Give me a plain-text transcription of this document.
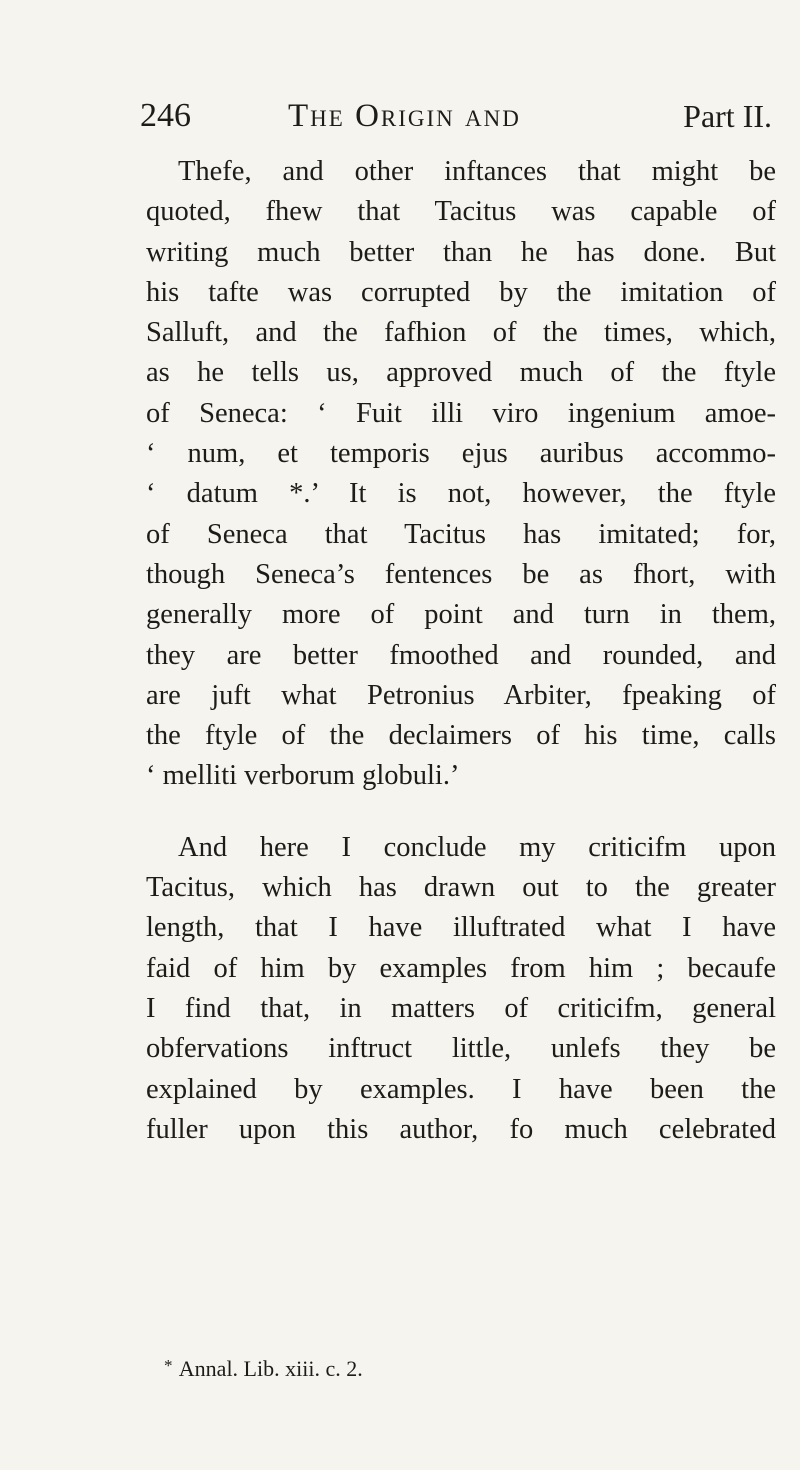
246	The Origin and	Part II.
Thefe, and other inftances that might be
quoted, fhew that Tacitus was capable of
writing much better than he has done. But
his tafte was corrupted by the imitation of
Salluft, and the fafhion of the times, which,
as he tells us, approved much of the ftyle
of Seneca: ‘ Fuit illi viro ingenium amoe-
‘ num, et temporis ejus auribus accommo-
‘ datum *.’ It is not, however, the ftyle
of Seneca that Tacitus has imitated; for,
though Seneca’s fentences be as fhort, with
generally more of point and turn in them,
they are better fmoothed and rounded, and
are juft what Petronius Arbiter, fpeaking of
the ftyle of the declaimers of his time, calls
‘ melliti verborum globuli.’
And here I conclude my criticifm upon
Tacitus, which has drawn out to the greater
length, that I have illuftrated what I have
faid of him by examples from him ; becaufe
I find that, in matters of criticifm, general
obfervations inftruct little, unlefs they be
explained by examples. I have been the
fuller upon this author, fo much celebrated
* Annal. Lib. xiii. c. 2.
